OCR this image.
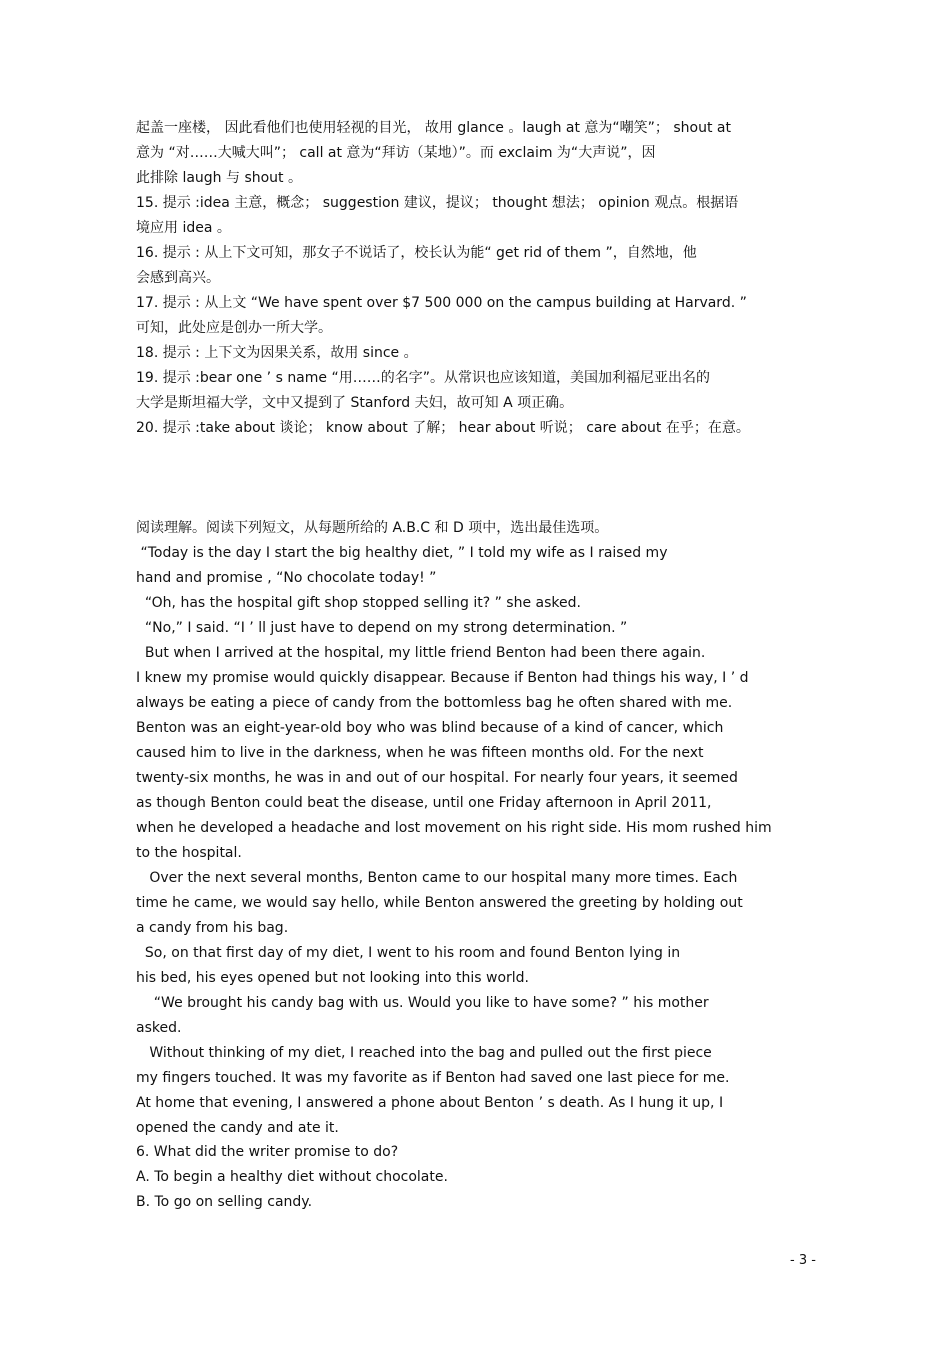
起盖一座楼， 因此看他们也使用轻视的目光， 故用 glance 。laugh at 意为“嘲笑”； shout at
意为 “对……大喊大叫”； call at 意为“拜访（某地）”。而 exclaim 为“大声说”，因
此排除 laugh 与 shout 。
15. 提示 :idea 主意，概念； suggestion 建议，提议； thought 想法； opinion 观点。根据语
境应用 idea 。
16. 提示 : 从上下文可知，那女子不说话了，校长认为能“ get rid of them ”，自然地，他
会感到高兴。
17. 提示 : 从上文 “We have spent over $7 500 000 on the campus building at Harvard. ”
可知，此处应是创办一所大学。
18. 提示 : 上下文为因果关系，故用 since 。
19. 提示 :bear one ’ s name “用……的名字”。从常识也应该知道，美国加利福尼亚出名的
大学是斯坦福大学，文中又提到了 Stanford 夫妇，故可知 A 项正确。
20. 提示 :take about 谈论； know about 了解； hear about 听说； care about 在乎；在意。
阅读理解。阅读下列短文，从每题所给的 A.B.C 和 D 项中，选出最佳选项。
“Today is the day I start the big healthy diet, ” I told my wife as I raised my
hand and promise , “No chocolate today! ”
“Oh, has the hospital gift shop stopped selling it? ” she asked.
“No,” I said. “I ’ ll just have to depend on my strong determination. ”
But when I arrived at the hospital, my little friend Benton had been there again.
I knew my promise would quickly disappear. Because if Benton had things his way, I ’ d
always be eating a piece of candy from the bottomless bag he often shared with me.
Benton was an eight-year-old boy who was blind because of a kind of cancer, which
caused him to live in the darkness, when he was fifteen months old. For the next
twenty-six months, he was in and out of our hospital. For nearly four years, it seemed
as though Benton could beat the disease, until one Friday afternoon in April 2011,
when he developed a headache and lost movement on his right side. His mom rushed him
to the hospital.
Over the next several months, Benton came to our hospital many more times. Each
time he came, we would say hello, while Benton answered the greeting by holding out
a candy from his bag.
So, on that first day of my diet, I went to his room and found Benton lying in
his bed, his eyes opened but not looking into this world.
“We brought his candy bag with us. Would you like to have some? ” his mother
asked.
Without thinking of my diet, I reached into the bag and pulled out the first piece
my fingers touched. It was my favorite as if Benton had saved one last piece for me.
At home that evening, I answered a phone about Benton ’ s death. As I hung it up, I
opened the candy and ate it.
6. What did the writer promise to do?
A. To begin a healthy diet without chocolate.
B. To go on selling candy.
- 3 -
